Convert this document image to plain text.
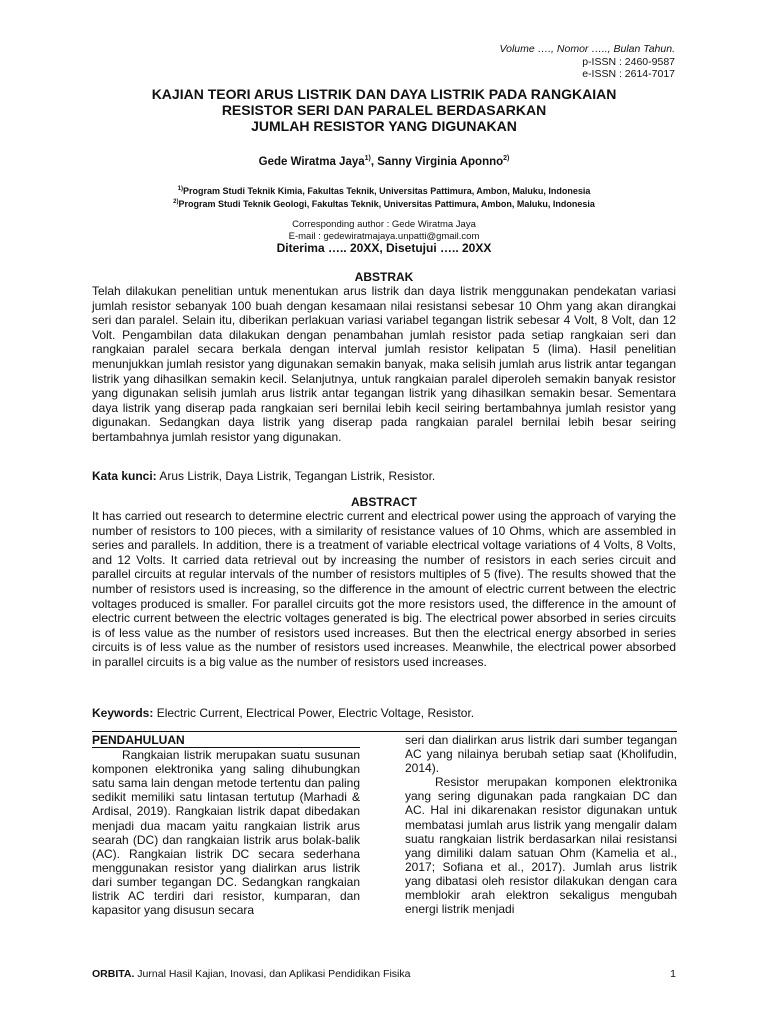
Volume …., Nomor ….., Bulan Tahun.
p-ISSN : 2460-9587
e-ISSN : 2614-7017
KAJIAN TEORI ARUS LISTRIK DAN DAYA LISTRIK PADA RANGKAIAN
RESISTOR SERI DAN PARALEL BERDASARKAN
JUMLAH RESISTOR YANG DIGUNAKAN
Gede Wiratma Jaya$^{1)}$, Sanny Virginia Aponno$^{2)}$
$^{1)}$Program Studi Teknik Kimia, Fakultas Teknik, Universitas Pattimura, Ambon, Maluku, Indonesia
$^{2)}$Program Studi Teknik Geologi, Fakultas Teknik, Universitas Pattimura, Ambon, Maluku, Indonesia
Corresponding author : Gede Wiratma Jaya
E-mail : gedewiratmajaya.unpatti@gmail.com
Diterima ….. 20XX, Disetujui ….. 20XX
ABSTRAK

Telah dilakukan penelitian untuk menentukan arus listrik dan daya listrik menggunakan pendekatan variasi jumlah resistor sebanyak 100 buah dengan kesamaan nilai resistansi sebesar 10 Ohm yang akan dirangkai seri dan paralel. Selain itu, diberikan perlakuan variasi variabel tegangan listrik sebesar 4 Volt, 8 Volt, dan 12 Volt. Pengambilan data dilakukan dengan penambahan jumlah resistor pada setiap rangkaian seri dan rangkaian paralel secara berkala dengan interval jumlah resistor kelipatan 5 (lima). Hasil penelitian menunjukkan jumlah resistor yang digunakan semakin banyak, maka selisih jumlah arus listrik antar tegangan listrik yang dihasilkan semakin kecil. Selanjutnya, untuk rangkaian paralel diperoleh semakin banyak resistor yang digunakan selisih jumlah arus listrik antar tegangan listrik yang dihasilkan semakin besar. Sementara daya listrik yang diserap pada rangkaian seri bernilai lebih kecil seiring bertambahnya jumlah resistor yang digunakan. Sedangkan daya listrik yang diserap pada rangkaian paralel bernilai lebih besar seiring bertambahnya jumlah resistor yang digunakan.

Kata kunci: Arus Listrik, Daya Listrik, Tegangan Listrik, Resistor.
ABSTRACT

It has carried out research to determine electric current and electrical power using the approach of varying the number of resistors to 100 pieces, with a similarity of resistance values of 10 Ohms, which are assembled in series and parallels. In addition, there is a treatment of variable electrical voltage variations of 4 Volts, 8 Volts, and 12 Volts. It carried data retrieval out by increasing the number of resistors in each series circuit and parallel circuits at regular intervals of the number of resistors multiples of 5 (five). The results showed that the number of resistors used is increasing, so the difference in the amount of electric current between the electric voltages produced is smaller. For parallel circuits got the more resistors used, the difference in the amount of electric current between the electric voltages generated is big. The electrical power absorbed in series circuits is of less value as the number of resistors used increases. But then the electrical energy absorbed in series circuits is of less value as the number of resistors used increases. Meanwhile, the electrical power absorbed in parallel circuits is a big value as the number of resistors used increases.

Keywords: Electric Current, Electrical Power, Electric Voltage, Resistor.
PENDAHULUAN

Rangkaian listrik merupakan suatu susunan komponen elektronika yang saling dihubungkan satu sama lain dengan metode tertentu dan paling sedikit memiliki satu lintasan tertutup (Marhadi & Ardisal, 2019). Rangkaian listrik dapat dibedakan menjadi dua macam yaitu rangkaian listrik arus searah (DC) dan rangkaian listrik arus bolak-balik (AC). Rangkaian listrik DC secara sederhana menggunakan resistor yang dialirkan arus listrik dari sumber tegangan DC. Sedangkan rangkaian listrik AC terdiri dari resistor, kumparan, dan kapasitor yang disusun secara

seri dan dialirkan arus listrik dari sumber tegangan AC yang nilainya berubah setiap saat (Kholifudin, 2014).

Resistor merupakan komponen elektronika yang sering digunakan pada rangkaian DC dan AC. Hal ini dikarenakan resistor digunakan untuk membatasi jumlah arus listrik yang mengalir dalam suatu rangkaian listrik berdasarkan nilai resistansi yang dimiliki dalam satuan Ohm (Kamelia et al., 2017; Sofiana et al., 2017). Jumlah arus listrik yang dibatasi oleh resistor dilakukan dengan cara memblokir arah elektron sekaligus mengubah energi listrik menjadi

ORBITA. Jurnal Hasil Kajian, Inovasi, dan Aplikasi Pendidikan Fisika	1
